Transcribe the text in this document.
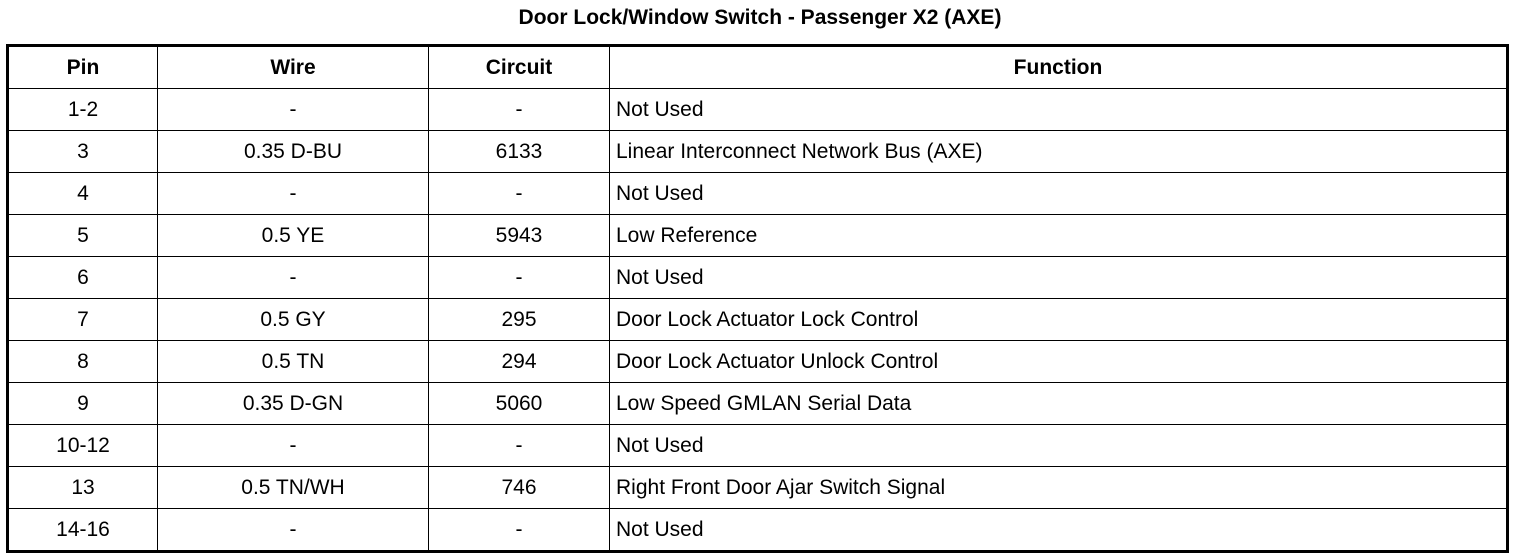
Door Lock/Window Switch - Passenger X2 (AXE)
Pin	Wire	Circuit	Function
1-2	-	-	Not Used
3	0.35 D-BU	6133	Linear Interconnect Network Bus (AXE)
4	-	-	Not Used
5	0.5 YE	5943	Low Reference
6	-	-	Not Used
7	0.5 GY	295	Door Lock Actuator Lock Control
8	0.5 TN	294	Door Lock Actuator Unlock Control
9	0.35 D-GN	5060	Low Speed GMLAN Serial Data
10-12	-	-	Not Used
13	0.5 TN/WH	746	Right Front Door Ajar Switch Signal
14-16	-	-	Not Used
